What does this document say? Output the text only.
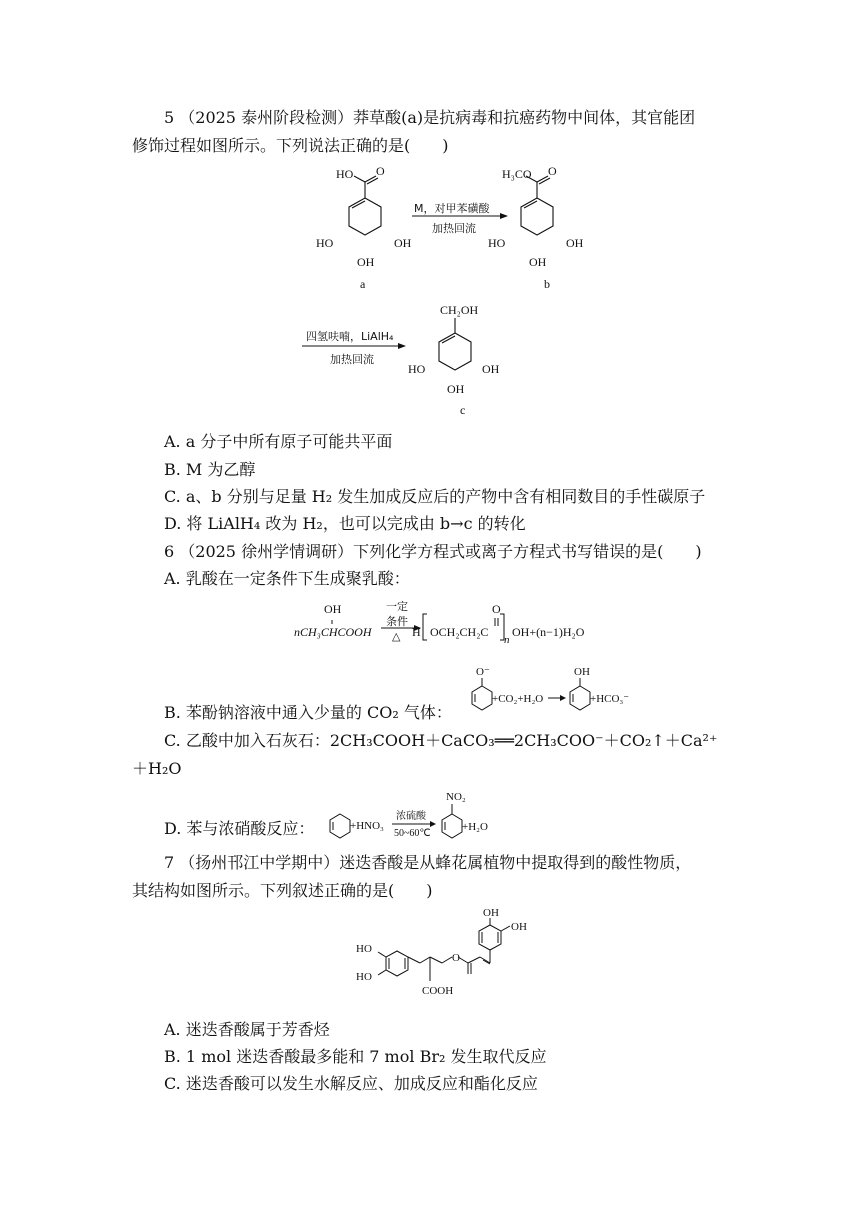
5 （2025 泰州阶段检测）莽草酸(a)是抗病毒和抗癌药物中间体，其官能团
修饰过程如图所示。下列说法正确的是(　　)
HO O
HO	OH
OH
a
H₃CO O
HO	OH
OH
b
M，对甲苯磺酸
加热回流
CH₂OH
HO	OH
OH
c
四氢呋喃，LiAlH₄
加热回流
A. a 分子中所有原子可能共平面
B. M 为乙醇
C. a、b 分别与足量 H₂ 发生加成反应后的产物中含有相同数目的手性碳原子
D. 将 LiAlH₄ 改为 H₂，也可以完成由 b→c 的转化
6 （2025 徐州学情调研）下列化学方程式或离子方程式书写错误的是(　　)
A. 乳酸在一定条件下生成聚乳酸：
OH
nCH₃CHCOOH
一定
条件
△ H OCH₂CH₂C
O
n
OH+(n−1)H₂O
B. 苯酚钠溶液中通入少量的 CO₂ 气体：
O⁻
+CO₂+H₂O
OH
+HCO₃⁻
C. 乙酸中加入石灰石：2CH₃COOH＋CaCO₃══2CH₃COO⁻＋CO₂↑＋Ca²⁺
＋H₂O
D. 苯与浓硝酸反应：	+HNO₃
浓硫酸
50~60℃
NO₂
+H₂O
7 （扬州邗江中学期中）迷迭香酸是从蜂花属植物中提取得到的酸性物质，
其结构如图所示。下列叙述正确的是(　　)
HO
HO
O
COOH
OH
OH
A. 迷迭香酸属于芳香烃
B. 1 mol 迷迭香酸最多能和 7 mol Br₂ 发生取代反应
C. 迷迭香酸可以发生水解反应、加成反应和酯化反应
